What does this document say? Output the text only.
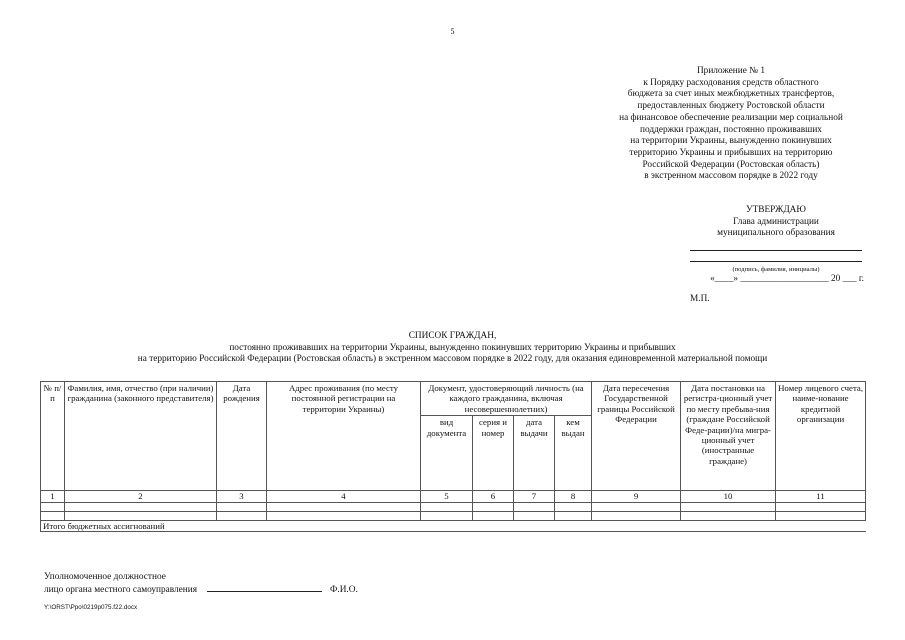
5
Приложение № 1
к Порядку расходования средств областного
бюджета за счет иных межбюджетных трансфертов,
предоставленных бюджету Ростовской области
на финансовое обеспечение реализации мер социальной
поддержки граждан, постоянно проживавших
на территории Украины, вынужденно покинувших
территорию Украины и прибывших на территорию
Российской Федерации (Ростовская область)
в экстренном массовом порядке в 2022 году
УТВЕРЖДАЮ
Глава администрации
муниципального образования
(подпись, фамилия, инициалы)
«____» ___________________ 20 ___ г.
М.П.
СПИСОК ГРАЖДАН,
постоянно проживавших на территории Украины, вынужденно покинувших территорию Украины и прибывших
на территорию Российской Федерации (Ростовская область) в экстренном массовом порядке в 2022 году, для оказания единовременной материальной помощи
№ п/п	Фамилия, имя, отчество (при наличии) гражданина (законного представителя)	Дата рождения	Адрес проживания (по месту постоянной регистрации на территории Украины)	Документ, удостоверяющий личность (на каждого гражданина, включая несовершеннолетних)				Дата пересечения Государственной границы Российской Федерации	Дата постановки на регистра-ционный учет по месту пребыва-ния (граждане Российской Феде-рации)/на мигра-ционный учет (иностранные граждане)	Номер лицевого счета, наиме-нование кредитной организации
				вид документа	серия и номер	дата выдачи	кем выдан			
1	2	3	4	5	6	7	8	9	10	11

Итого бюджетных ассигнований										
Уполномоченное должностное
лицо органа местного самоуправления	Ф.И.О.
Y:\ORST\Ppo\0219p075.f22.docx
